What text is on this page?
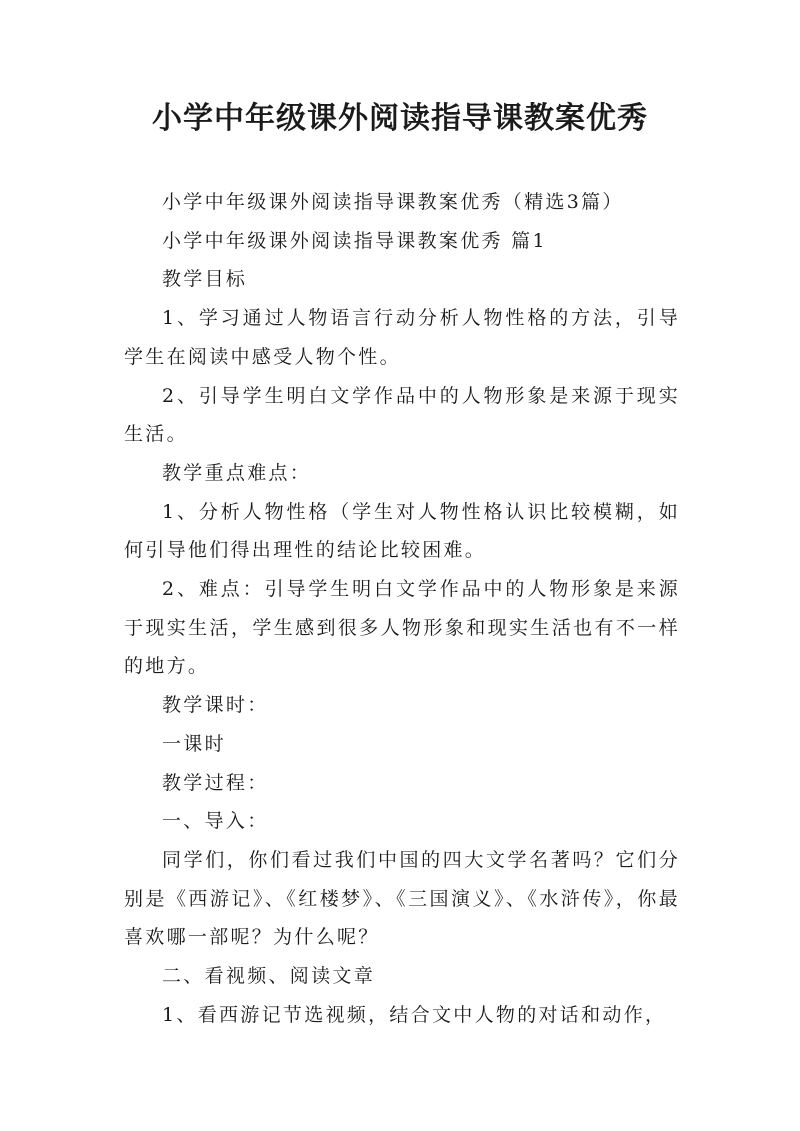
小学中年级课外阅读指导课教案优秀

小学中年级课外阅读指导课教案优秀（精选3篇）

小学中年级课外阅读指导课教案优秀 篇1

教学目标

1、学习通过人物语言行动分析人物性格的方法，引导学生在阅读中感受人物个性。

2、引导学生明白文学作品中的人物形象是来源于现实生活。

教学重点难点：

1、分析人物性格（学生对人物性格认识比较模糊，如何引导他们得出理性的结论比较困难。

2、难点：引导学生明白文学作品中的人物形象是来源于现实生活，学生感到很多人物形象和现实生活也有不一样的地方。

教学课时：

一课时

教学过程：

一、导入：

同学们，你们看过我们中国的四大文学名著吗？它们分别是《西游记》、《红楼梦》、《三国演义》、《水浒传》，你最喜欢哪一部呢？为什么呢？

二、看视频、阅读文章

1、看西游记节选视频，结合文中人物的对话和动作，
